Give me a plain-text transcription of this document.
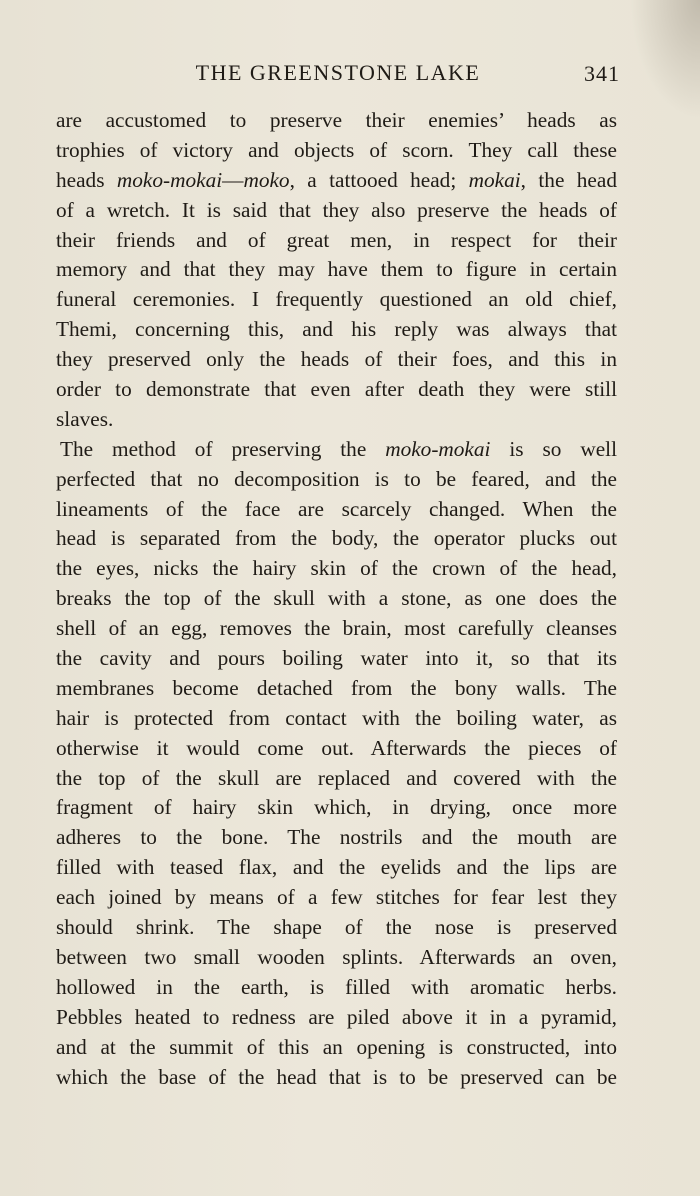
THE GREENSTONE LAKE	341
are accustomed to preserve their enemies’ heads as
trophies of victory and objects of scorn. They call these
heads moko-mokai—moko, a tattooed head; mokai, the head
of a wretch. It is said that they also preserve the heads of
their friends and of great men, in respect for their
memory and that they may have them to figure in certain
funeral ceremonies. I frequently questioned an old chief,
Themi, concerning this, and his reply was always that
they preserved only the heads of their foes, and this in
order to demonstrate that even after death they were still
slaves.
The method of preserving the moko-mokai is so well
perfected that no decomposition is to be feared, and the
lineaments of the face are scarcely changed. When the
head is separated from the body, the operator plucks out
the eyes, nicks the hairy skin of the crown of the head,
breaks the top of the skull with a stone, as one does the
shell of an egg, removes the brain, most carefully cleanses
the cavity and pours boiling water into it, so that its
membranes become detached from the bony walls. The
hair is protected from contact with the boiling water, as
otherwise it would come out. Afterwards the pieces of
the top of the skull are replaced and covered with the
fragment of hairy skin which, in drying, once more
adheres to the bone. The nostrils and the mouth are
filled with teased flax, and the eyelids and the lips are
each joined by means of a few stitches for fear lest they
should shrink. The shape of the nose is preserved
between two small wooden splints. Afterwards an oven,
hollowed in the earth, is filled with aromatic herbs.
Pebbles heated to redness are piled above it in a pyramid,
and at the summit of this an opening is constructed, into
which the base of the head that is to be preserved can be
